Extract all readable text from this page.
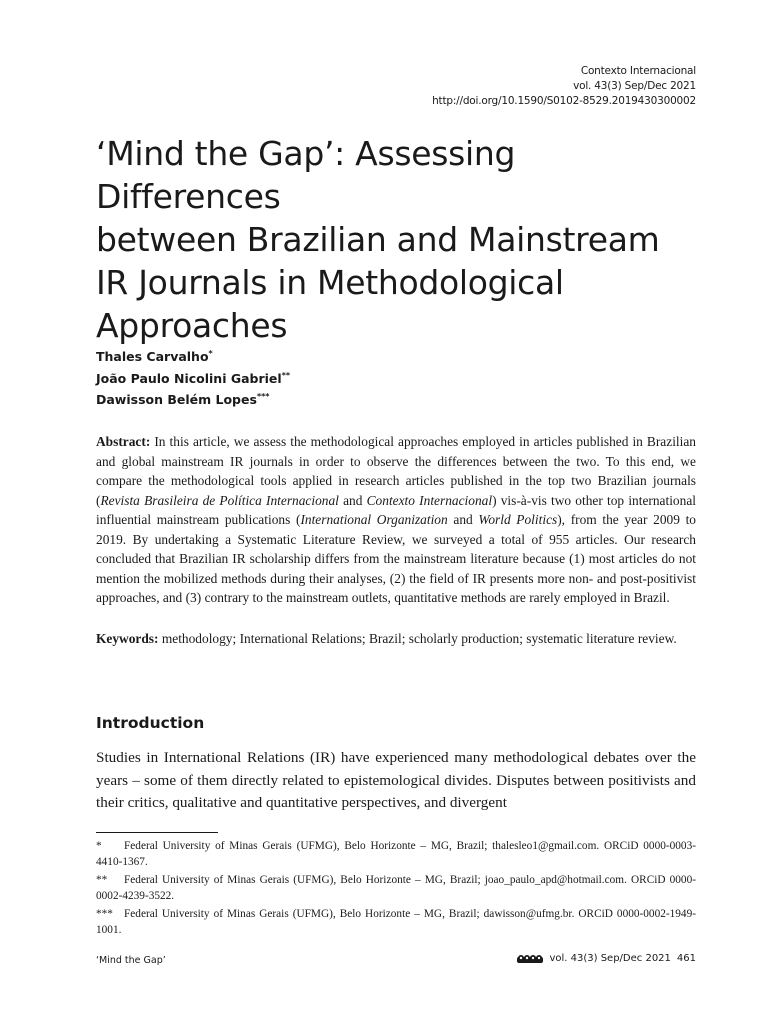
Contexto Internacional
vol. 43(3) Sep/Dec 2021
http://doi.org/10.1590/S0102-8529.2019430300002
‘Mind the Gap’: Assessing Differences
between Brazilian and Mainstream
IR Journals in Methodological
Approaches
Thales Carvalho*
João Paulo Nicolini Gabriel**
Dawisson Belém Lopes***

Abstract: In this article, we assess the methodological approaches employed in articles published in Brazilian and global mainstream IR journals in order to observe the differences between the two. To this end, we compare the methodological tools applied in research articles published in the top two Brazilian journals (Revista Brasileira de Política Internacional and Contexto Internacional) vis-à-vis two other top international influential mainstream publications (International Organization and World Politics), from the year 2009 to 2019. By undertaking a Systematic Literature Review, we surveyed a total of 955 articles. Our research concluded that Brazilian IR scholarship differs from the mainstream literature because (1) most articles do not mention the mobilized methods during their analyses, (2) the field of IR presents more non- and post-positivist approaches, and (3) contrary to the mainstream outlets, quantitative methods are rarely employed in Brazil.

Keywords: methodology; International Relations; Brazil; scholarly production; systematic literature review.

Introduction

Studies in International Relations (IR) have experienced many methodological debates over the years – some of them directly related to epistemological divides. Disputes between positivists and their critics, qualitative and quantitative perspectives, and divergent

* Federal University of Minas Gerais (UFMG), Belo Horizonte – MG, Brazil; thalesleo1@gmail.com. ORCiD 0000-0003-4410-1367.
** Federal University of Minas Gerais (UFMG), Belo Horizonte – MG, Brazil; joao_paulo_apd@hotmail.com. ORCiD 0000-0002-4239-3522.
*** Federal University of Minas Gerais (UFMG), Belo Horizonte – MG, Brazil; dawisson@ufmg.br. ORCiD 0000-0002-1949-1001.
‘Mind the Gap’	vol. 43(3) Sep/Dec 2021 461
